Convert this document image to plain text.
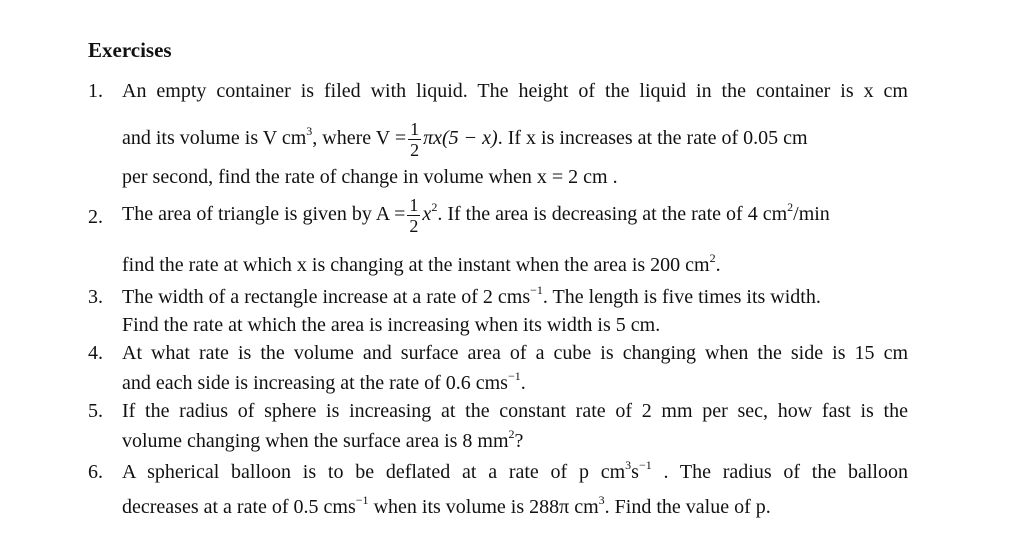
Exercises
1. An empty container is filed with liquid. The height of the liquid in the container is x cm
and its volume is V $cm^3$, where $V = \frac{1}{2} \pi x(5 - x)$. If x is increases at the rate of 0.05 cm
per second, find the rate of change in volume when x = 2 cm .
2. The area of triangle is given by $A = \frac{1}{2} x^2$. If the area is decreasing at the rate of 4 $cm^2/\min$
find the rate at which x is changing at the instant when the area is 200 $cm^2$.
3. The width of a rectangle increase at a rate of 2 cms$^{-1}$. The length is five times its width.
Find the rate at which the area is increasing when its width is 5 cm.
4. At what rate is the volume and surface area of a cube is changing when the side is 15 cm
and each side is increasing at the rate of 0.6 cms$^{-1}$.
5. If the radius of sphere is increasing at the constant rate of 2 mm per sec, how fast is the
volume changing when the surface area is 8 $mm^2$?
6. A spherical balloon is to be deflated at a rate of p $cm^3s^{-1}$ . The radius of the balloon
decreases at a rate of 0.5 cms$^{-1}$ when its volume is 288π $cm^3$. Find the value of p.
